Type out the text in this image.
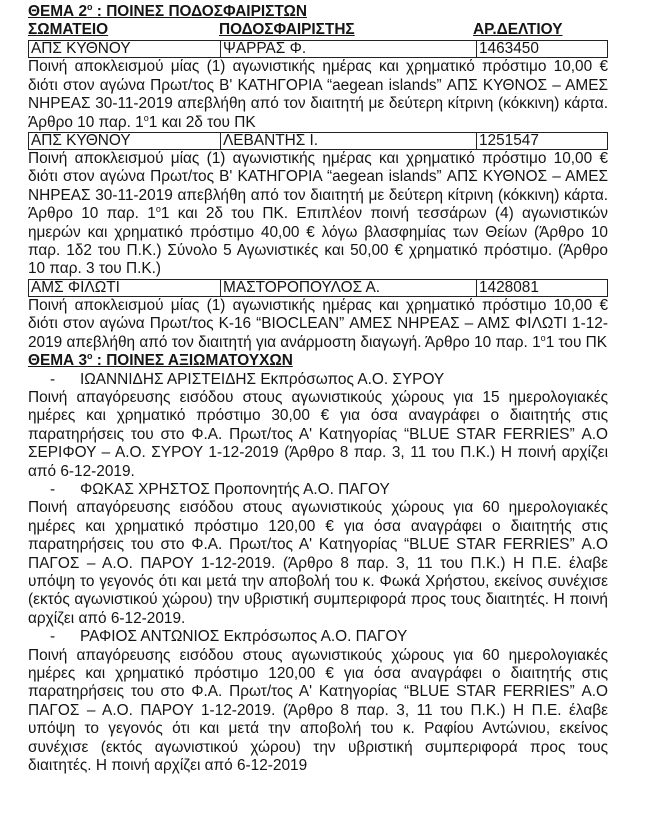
ΘΕΜΑ $2^o$ : ΠΟΙΝΕΣ ΠΟΔΟΣΦΑΙΡΙΣΤΩΝ
ΣΩΜΑΤΕΙΟ	ΠΟΔΟΣΦΑΙΡΙΣΤΗΣ	ΑΡ.ΔΕΛΤΙΟΥ
ΑΠΣ ΚΥΘΝΟΥ	ΨΑΡΡΑΣ Φ.	1463450

Ποινή αποκλεισμού μίας (1) αγωνιστικής ημέρας και χρηματικό πρόστιμο 10,00 € διότι στον αγώνα Πρωτ/τος Β' ΚΑΤΗΓΟΡΙΑ “aegean islands” ΑΠΣ ΚΥΘΝΟΣ – ΑΜΕΣ ΝΗΡΕΑΣ 30-11-2019 απεβλήθη από τον διαιτητή με δεύτερη κίτρινη (κόκκινη) κάρτα. Άρθρο 10 παρ. $1^o1$ και 2δ του ΠΚ

ΑΠΣ ΚΥΘΝΟΥ	ΛΕΒΑΝΤΗΣ Ι.	1251547

Ποινή αποκλεισμού μίας (1) αγωνιστικής ημέρας και χρηματικό πρόστιμο 10,00 € διότι στον αγώνα Πρωτ/τος Β' ΚΑΤΗΓΟΡΙΑ “aegean islands” ΑΠΣ ΚΥΘΝΟΣ – ΑΜΕΣ ΝΗΡΕΑΣ 30-11-2019 απεβλήθη από τον διαιτητή με δεύτερη κίτρινη (κόκκινη) κάρτα. Άρθρο 10 παρ. $1^o1$ και 2δ του ΠΚ. Επιπλέον ποινή τεσσάρων (4) αγωνιστικών ημερών και χρηματικό πρόστιμο 40,00 € λόγω βλασφημίας των Θείων (Άρθρο 10 παρ. 1δ2 του Π.Κ.) Σύνολο 5 Αγωνιστικές και 50,00 € χρηματικό πρόστιμο. (Άρθρο 10 παρ. 3 του Π.Κ.)

ΑΜΣ ΦΙΛΩΤΙ	ΜΑΣΤΟΡΟΠΟΥΛΟΣ Α.	1428081

Ποινή αποκλεισμού μίας (1) αγωνιστικής ημέρας και χρηματικό πρόστιμο 10,00 € διότι στον αγώνα Πρωτ/τος Κ-16 “BIOCLEAN” ΑΜΕΣ ΝΗΡΕΑΣ – ΑΜΣ ΦΙΛΩΤΙ 1-12-2019 απεβλήθη από τον διαιτητή για ανάρμοστη διαγωγή. Άρθρο 10 παρ. $1^o1$ του ΠΚ

ΘΕΜΑ $3^o$ : ΠΟΙΝΕΣ ΑΞΙΩΜΑΤΟΥΧΩΝ
- ΙΩΑΝΝΙΔΗΣ ΑΡΙΣΤΕΙΔΗΣ Εκπρόσωπος Α.Ο. ΣΥΡΟΥ

Ποινή απαγόρευσης εισόδου στους αγωνιστικούς χώρους για 15 ημερολογιακές ημέρες και χρηματικό πρόστιμο 30,00 € για όσα αναγράφει ο διαιτητής στις παρατηρήσεις του στο Φ.Α. Πρωτ/τος Α' Κατηγορίας “BLUE STAR FERRIES” Α.Ο ΣΕΡΙΦΟΥ – Α.Ο. ΣΥΡΟΥ 1-12-2019 (Άρθρο 8 παρ. 3, 11 του Π.Κ.) Η ποινή αρχίζει από 6-12-2019.

- ΦΩΚΑΣ ΧΡΗΣΤΟΣ Προπονητής Α.Ο. ΠΑΓΟΥ

Ποινή απαγόρευσης εισόδου στους αγωνιστικούς χώρους για 60 ημερολογιακές ημέρες και χρηματικό πρόστιμο 120,00 € για όσα αναγράφει ο διαιτητής στις παρατηρήσεις του στο Φ.Α. Πρωτ/τος Α' Κατηγορίας “BLUE STAR FERRIES” Α.Ο ΠΑΓΟΣ – Α.Ο. ΠΑΡΟΥ 1-12-2019. (Άρθρο 8 παρ. 3, 11 του Π.Κ.) Η Π.Ε. έλαβε υπόψη το γεγονός ότι και μετά την αποβολή του κ. Φωκά Χρήστου, εκείνος συνέχισε (εκτός αγωνιστικού χώρου) την υβριστική συμπεριφορά προς τους διαιτητές. Η ποινή αρχίζει από 6-12-2019.

- ΡΑΦΙΟΣ ΑΝΤΩΝΙΟΣ Εκπρόσωπος Α.Ο. ΠΑΓΟΥ

Ποινή απαγόρευσης εισόδου στους αγωνιστικούς χώρους για 60 ημερολογιακές ημέρες και χρηματικό πρόστιμο 120,00 € για όσα αναγράφει ο διαιτητής στις παρατηρήσεις του στο Φ.Α. Πρωτ/τος Α' Κατηγορίας “BLUE STAR FERRIES” Α.Ο ΠΑΓΟΣ – Α.Ο. ΠΑΡΟΥ 1-12-2019. (Άρθρο 8 παρ. 3, 11 του Π.Κ.) Η Π.Ε. έλαβε υπόψη το γεγονός ότι και μετά την αποβολή του κ. Ραφίου Αντώνιου, εκείνος συνέχισε (εκτός αγωνιστικού χώρου) την υβριστική συμπεριφορά προς τους διαιτητές. Η ποινή αρχίζει από 6-12-2019
